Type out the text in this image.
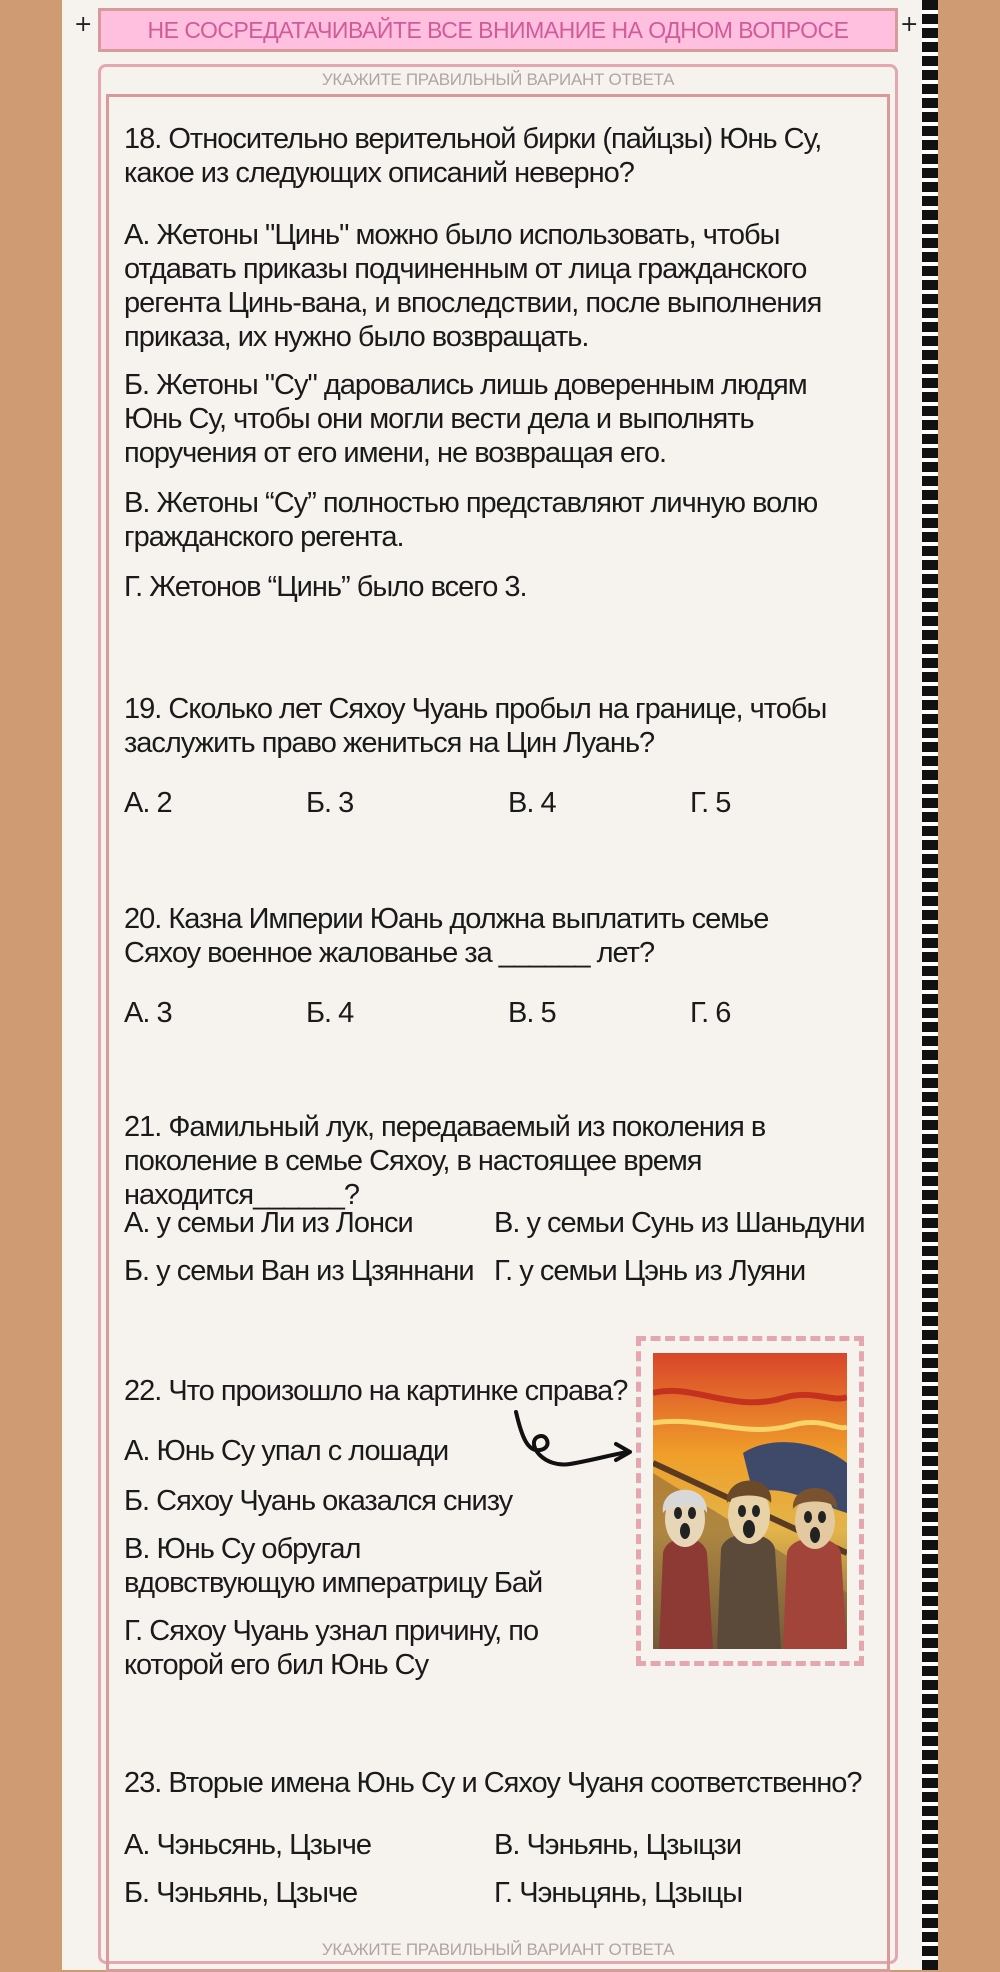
+	+
НЕ СОСРЕДАТАЧИВАЙТЕ ВСЕ ВНИМАНИЕ НА ОДНОМ ВОПРОСЕ
УКАЖИТЕ ПРАВИЛЬНЫЙ ВАРИАНТ ОТВЕТА
УКАЖИТЕ ПРАВИЛЬНЫЙ ВАРИАНТ ОТВЕТА
18. Относительно верительной бирки (пайцзы) Юнь Су, какое из следующих описаний неверно?
А. Жетоны "Цинь" можно было использовать, чтобы отдавать приказы подчиненным от лица гражданского регента Цинь-вана, и впоследствии, после выполнения приказа, их нужно было возвращать.
Б. Жетоны "Су" даровались лишь доверенным людям Юнь Су, чтобы они могли вести дела и выполнять поручения от его имени, не возвращая его.
В. Жетоны “Су” полностью представляют личную волю гражданского регента.
Г. Жетонов “Цинь” было всего 3.
19. Сколько лет Сяхоу Чуань пробыл на границе, чтобы заслужить право жениться на Цин Луань?
А. 2	Б. 3	В. 4	Г. 5
20. Казна Империи Юань должна выплатить семье Сяхоу военное жалованье за ______ лет?
А. 3	Б. 4	В. 5	Г. 6
21. Фамильный лук, передаваемый из поколения в поколение в семье Сяхоу, в настоящее время находится______?
А. у семьи Ли из Лонси
Б. у семьи Ван из Цзяннани
В. у семьи Сунь из Шаньдуни
Г. у семьи Цэнь из Луяни
22. Что произошло на картинке справа?
А. Юнь Су упал с лошади
Б. Сяхоу Чуань оказался снизу
В. Юнь Су обругал вдовствующую императрицу Бай
Г. Сяхоу Чуань узнал причину, по которой его бил Юнь Су
23. Вторые имена Юнь Су и Сяхоу Чуаня соответственно?
А. Чэньсянь, Цзыче
Б. Чэньянь, Цзыче
В. Чэньянь, Цзыцзи
Г. Чэньцянь, Цзыцы
